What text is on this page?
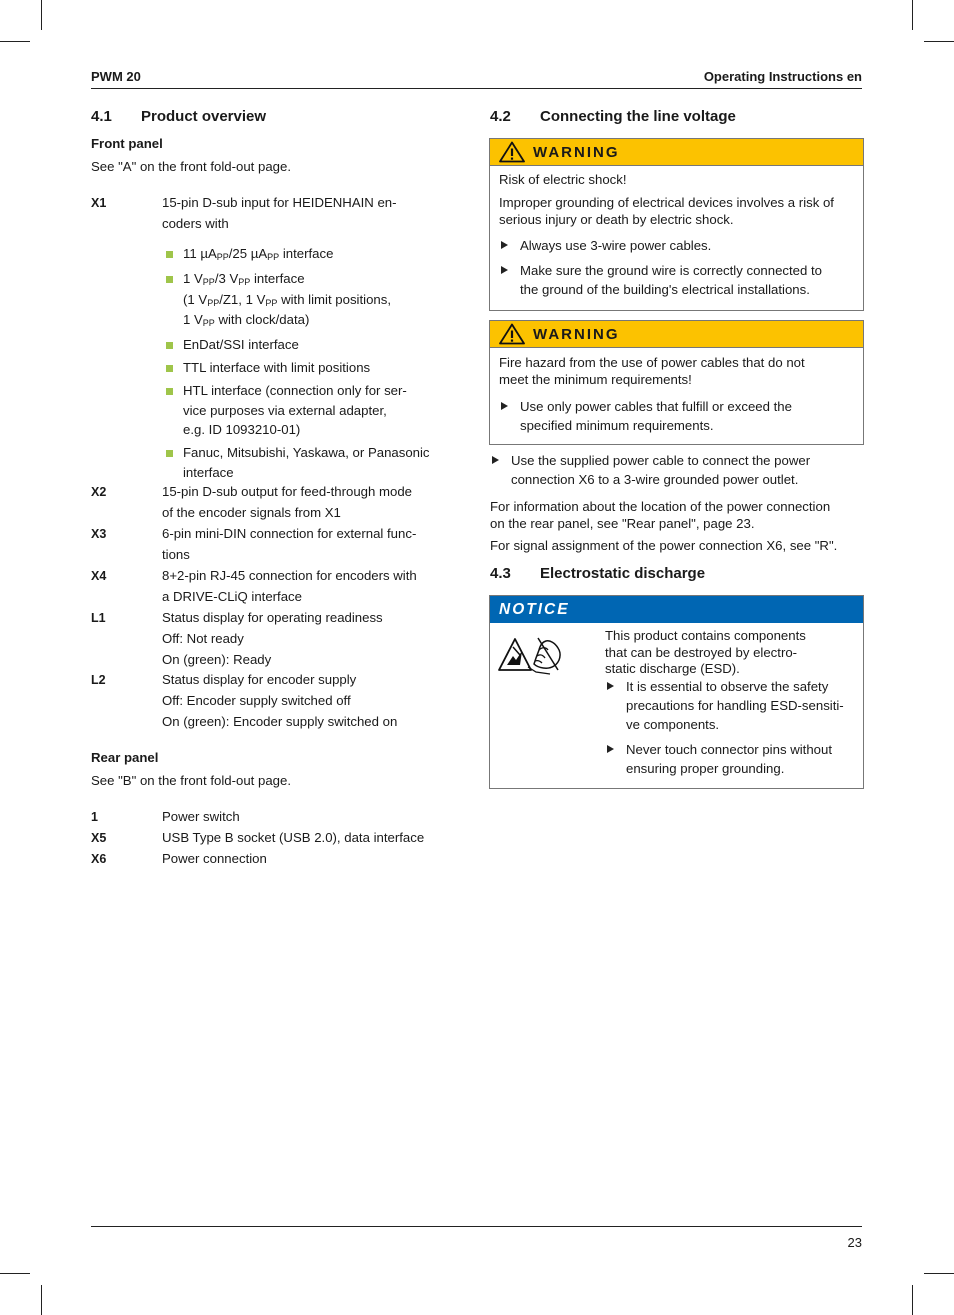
PWM 20	Operating Instructions en

4.1 Product overview

Front panel
See "A" on the front fold-out page.
X1	15-pin D-sub input for HEIDENHAIN en-
coders with
11 µA$_{PP}$/25 µA$_{PP}$ interface
1 $V_{PP}/3$ $V_{PP}$ interface
(1 $V_{PP}/Z1$, 1 $V_{PP}$ with limit positions,
1 $V_{PP}$ with clock/data)
EnDat/SSI interface
TTL interface with limit positions
HTL interface (connection only for ser-
vice purposes via external adapter,
e.g. ID 1093210-01)
Fanuc, Mitsubishi, Yaskawa, or Panasonic
interface
X2	15-pin D-sub output for feed-through mode
of the encoder signals from X1
X3	6-pin mini-DIN connection for external func-
tions
X4	8+2-pin RJ-45 connection for encoders with
a DRIVE-CLiQ interface
L1	Status display for operating readiness
Off: Not ready
On (green): Ready
L2	Status display for encoder supply
Off: Encoder supply switched off
On (green): Encoder supply switched on
Rear panel
See "B" on the front fold-out page.
1	Power switch
X5	USB Type B socket (USB 2.0), data interface
X6	Power connection

4.2 Connecting the line voltage

WARNING
Risk of electric shock!
Improper grounding of electrical devices involves a risk of
serious injury or death by electric shock.
Always use 3-wire power cables.
Make sure the ground wire is correctly connected to
the ground of the building's electrical installations.
WARNING
Fire hazard from the use of power cables that do not
meet the minimum requirements!
Use only power cables that fulfill or exceed the
specified minimum requirements.
Use the supplied power cable to connect the power
connection X6 to a 3-wire grounded power outlet.
For information about the location of the power connection
on the rear panel, see "Rear panel", page 23.
For signal assignment of the power connection X6, see "R".

4.3 Electrostatic discharge

NOTICE
This product contains components
that can be destroyed by electro-
static discharge (ESD).
It is essential to observe the safety
precautions for handling ESD-sensiti-
ve components.
Never touch connector pins without
ensuring proper grounding.
23
